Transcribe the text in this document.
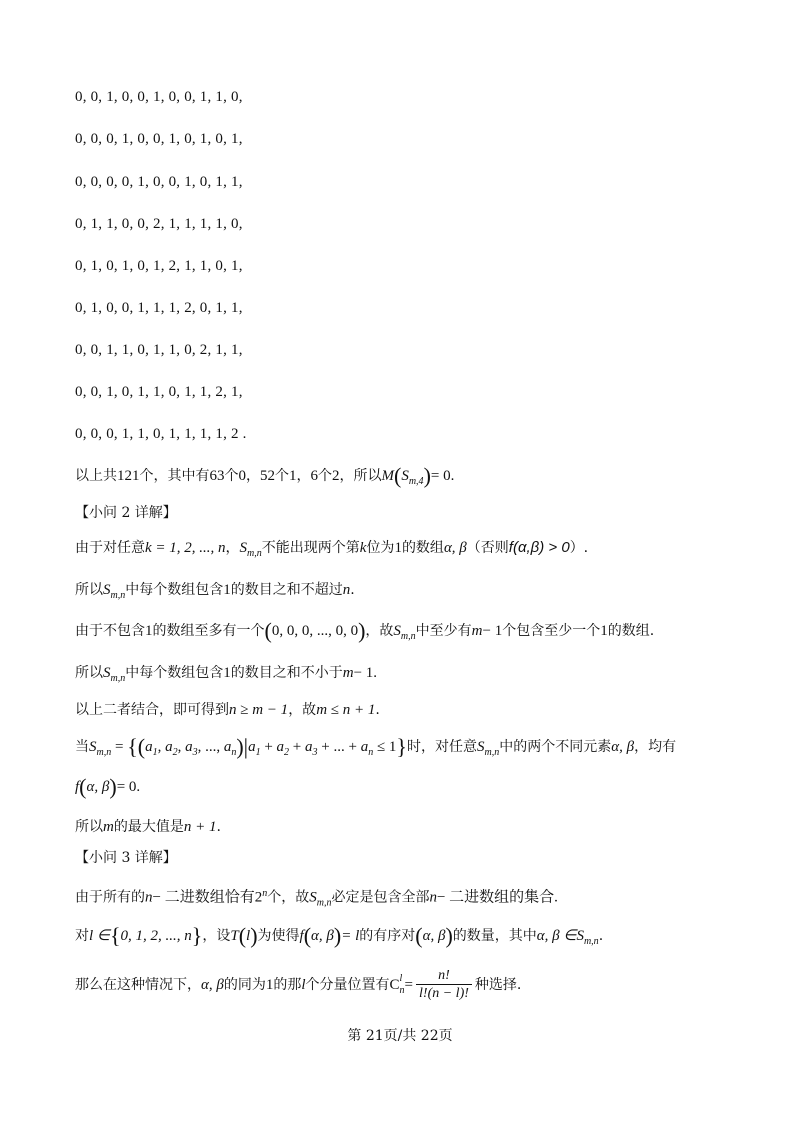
0, 0, 1, 0, 0, 1, 0, 0, 1, 1, 0,
0, 0, 0, 1, 0, 0, 1, 0, 1, 0, 1,
0, 0, 0, 0, 1, 0, 0, 1, 0, 1, 1,
0, 1, 1, 0, 0, 2, 1, 1, 1, 1, 0,
0, 1, 0, 1, 0, 1, 2, 1, 1, 0, 1,
0, 1, 0, 0, 1, 1, 1, 2, 0, 1, 1,
0, 0, 1, 1, 0, 1, 1, 0, 2, 1, 1,
0, 0, 1, 0, 1, 1, 0, 1, 1, 2, 1,
0, 0, 0, 1, 1, 0, 1, 1, 1, 1, 2 .
以上共121个，其中有63个0，52个1，6个2，所以$M(S_{m,4})= 0$.
【小问 2 详解】
由于对任意k = 1, 2, ..., n，$S_{m,n}$不能出现两个第k位为1的数组α, β（否则f(α,β) > 0）.
所以$S_{m,n}$中每个数组包含1的数目之和不超过n.
由于不包含1的数组至多有一个(0, 0, 0, ..., 0, 0)，故$S_{m,n}$中至少有m− 1个包含至少一个1的数组.
所以$S_{m,n}$中每个数组包含1的数目之和不小于m− 1.
以上二者结合，即可得到n ≥ m − 1，故m ≤ n + 1.
当$S_{m,n} = \{(a_1$, $a_2$, $a_3$, ..., $a_n)|a_1 + a_2 + a_3$ + ... + $a_n \le 1$}时，对任意$S_{m,n}$中的两个不同元素α, β，均有
f(α, β)= 0.
所以m的最大值是n + 1.
【小问 3 详解】
由于所有的n− 二进数组恰有2$^n$个，故$S_{m,n}$必定是包含全部n− 二进数组的集合.
对l ∈{0, 1, 2, ..., n}，设T(l)为使得f(α, β)= l的有序对(α, β)的数量，其中α, β $\in S_{m,n}$.
那么在这种情况下，α, β的同为1的那l个分量位置有C l
$n = \frac{n!}{l!(n - l)!}$ 种选择.
第 21页/共 22页
